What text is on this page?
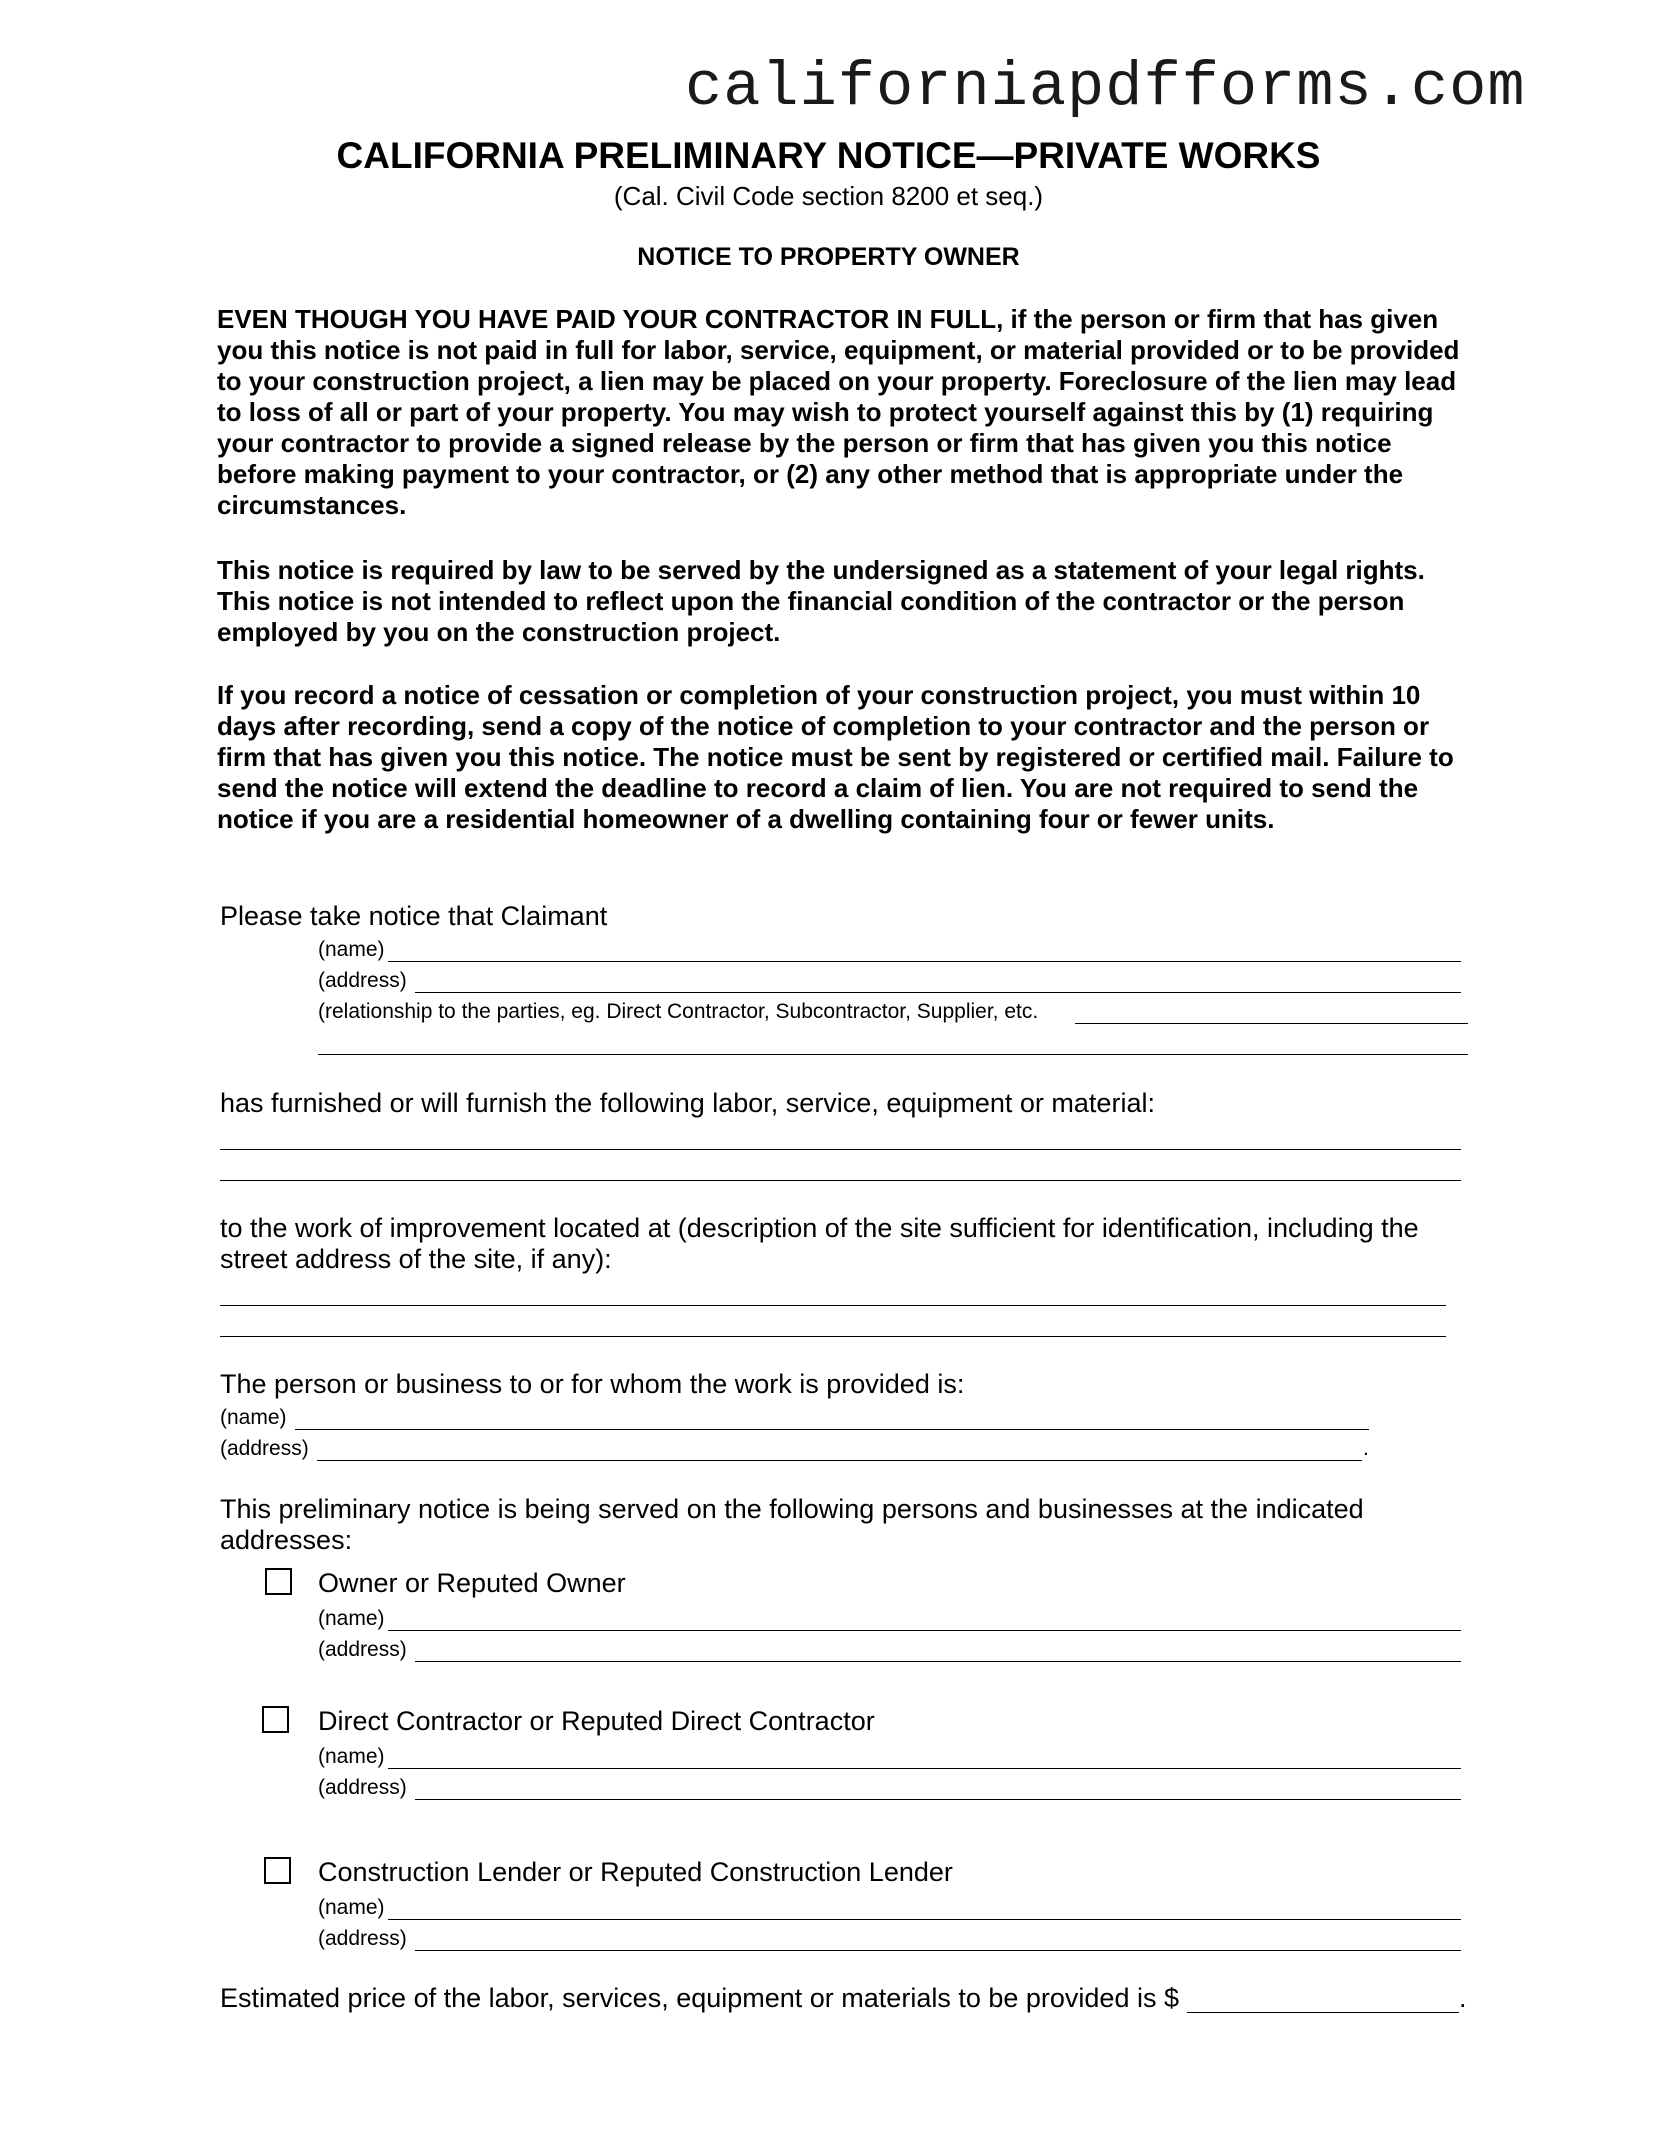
californiapdfforms.com
CALIFORNIA PRELIMINARY NOTICE—PRIVATE WORKS
(Cal. Civil Code section 8200 et seq.)
NOTICE TO PROPERTY OWNER
EVEN THOUGH YOU HAVE PAID YOUR CONTRACTOR IN FULL, if the person or firm that has given you this notice is not paid in full for labor, service, equipment, or material provided or to be provided to your construction project, a lien may be placed on your property. Foreclosure of the lien may lead to loss of all or part of your property. You may wish to protect yourself against this by (1) requiring your contractor to provide a signed release by the person or firm that has given you this notice before making payment to your contractor, or (2) any other method that is appropriate under the circumstances.
This notice is required by law to be served by the undersigned as a statement of your legal rights. This notice is not intended to reflect upon the financial condition of the contractor or the person employed by you on the construction project.
If you record a notice of cessation or completion of your construction project, you must within 10 days after recording, send a copy of the notice of completion to your contractor and the person or firm that has given you this notice. The notice must be sent by registered or certified mail. Failure to send the notice will extend the deadline to record a claim of lien. You are not required to send the notice if you are a residential homeowner of a dwelling containing four or fewer units.
Please take notice that Claimant
(name)
(address)
(relationship to the parties, eg. Direct Contractor, Subcontractor, Supplier, etc.
has furnished or will furnish the following labor, service, equipment or material:
to the work of improvement located at (description of the site sufficient for identification, including the
street address of the site, if any):
The person or business to or for whom the work is provided is:
(name)
(address)	.
This preliminary notice is being served on the following persons and businesses at the indicated
addresses:
Owner or Reputed Owner
(name)
(address)
Direct Contractor or Reputed Direct Contractor
(name)
(address)
Construction Lender or Reputed Construction Lender
(name)
(address)
Estimated price of the labor, services, equipment or materials to be provided is $	.
